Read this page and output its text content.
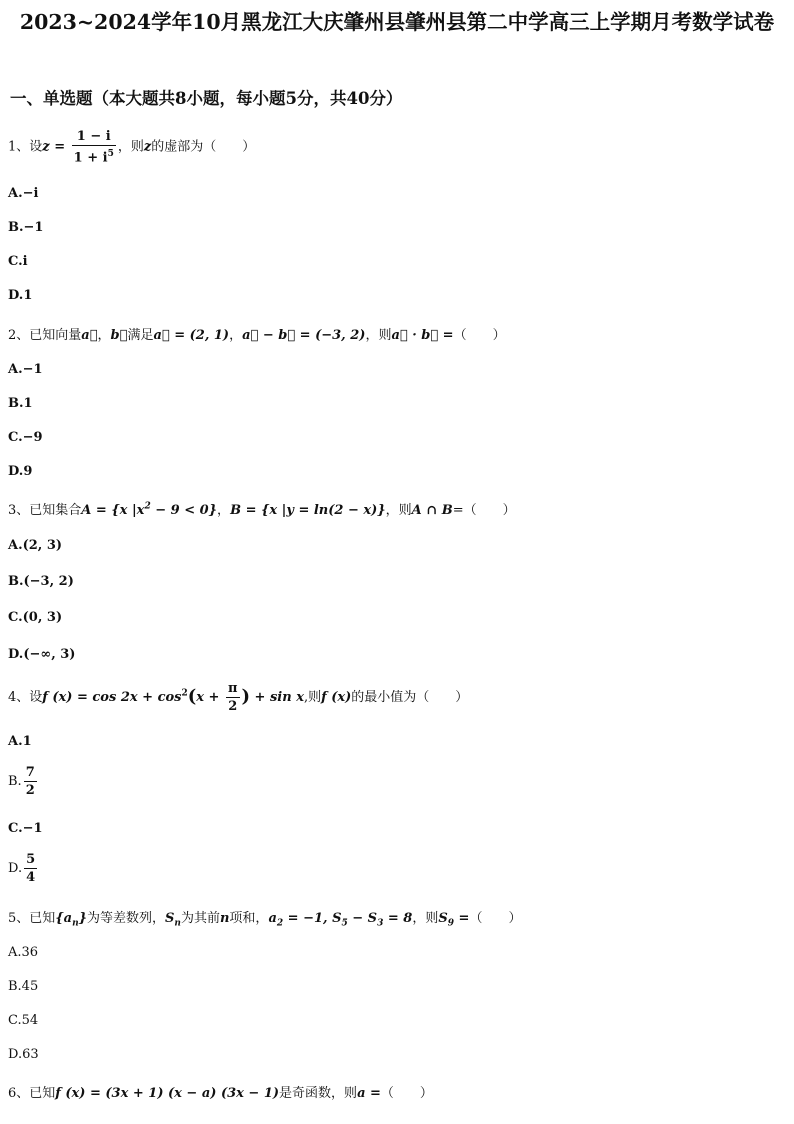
2023~2024学年10月黑龙江大庆肇州县肇州县第二中学高三上学期月考数学试卷
一、单选题（本大题共8小题，每小题5分，共40分）
1、设$z = \frac{1 - i}{1 + i^5}$ ，则z的虚部为（　　）
A.−i
B.−1
C.i
D.1
2、已知向量a⃗，b⃗满足a⃗ = (2, 1)，a⃗ − b⃗ = (−3, 2)，则a⃗ · b⃗ =（　　）
A.−1
B.1
C.−9
D.9
3、已知集合A = {x $|x^2 - 9 < 0$}，B = {x |y = ln(2 − x)}，则A ∩ B=（　　）
A.(2, 3)
B.(−3, 2)
C.(0, 3)
D.(−∞, 3)
4、设f $(x) = \cos 2x + \cos^2(x + \frac{\pi}{2}$ ) + sin x,则f (x)的最小值为（　　）
A.1
B. $\frac{7}{2}$
C.−1
D. $\frac{5}{4}$
5、已知$\{a_n\}$为等差数列，$S_n$为其前n项和，$a_2 = -1$, $S_5 - S_3 = 8$，则$S_9$ =（　　）
A.36
B.45
C.54
D.63
6、已知f (x) = (3x + 1) (x − a) (3x − 1)是奇函数，则a =（　　）
